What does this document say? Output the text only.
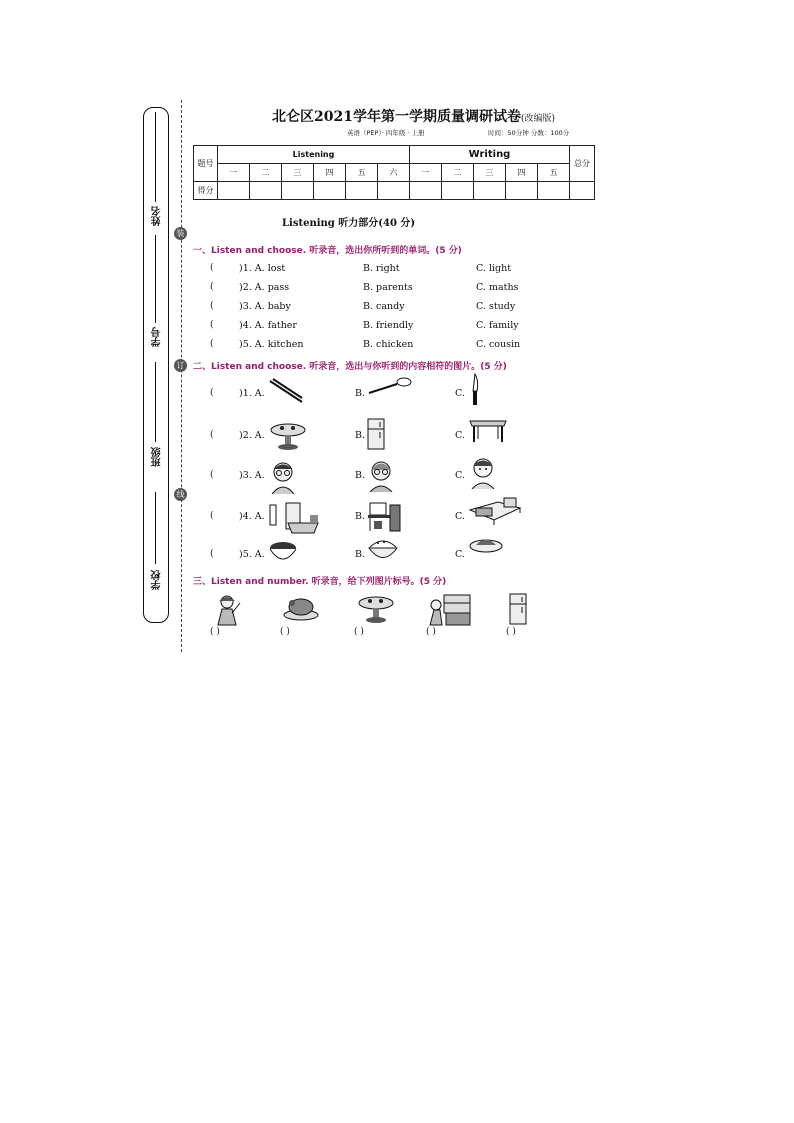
姓名
学号
班级
学校
装
订
线
北仑区2021学年第一学期质量调研试卷(改编版)
英语（PEP）· 四年级 · 上册	时间：50分钟 分数：100分
题号	Listening						Writing					总分
	一	二	三	四	五	六	一	二	三	四	五	
得分												
Listening 听力部分(40 分)
一、Listen and choose. 听录音，选出你所听到的单词。(5 分)
(	)1. A. lost	B. right	C. light
(	)2. A. pass	B. parents	C. maths
(	)3. A. baby	B. candy	C. study
(	)4. A. father	B. friendly	C. family
(	)5. A. kitchen	B. chicken	C. cousin
二、Listen and choose. 听录音，选出与你听到的内容相符的图片。(5 分)
(	)1. A.	B.	C.
(	)2. A.	B.	C.
(	)3. A.	B.	C.
(	)4. A.	B.	C.
(	)5. A.	B.	C.
三、Listen and number. 听录音，给下列图片标号。(5 分)
( )	( )	( )	( )	( )
